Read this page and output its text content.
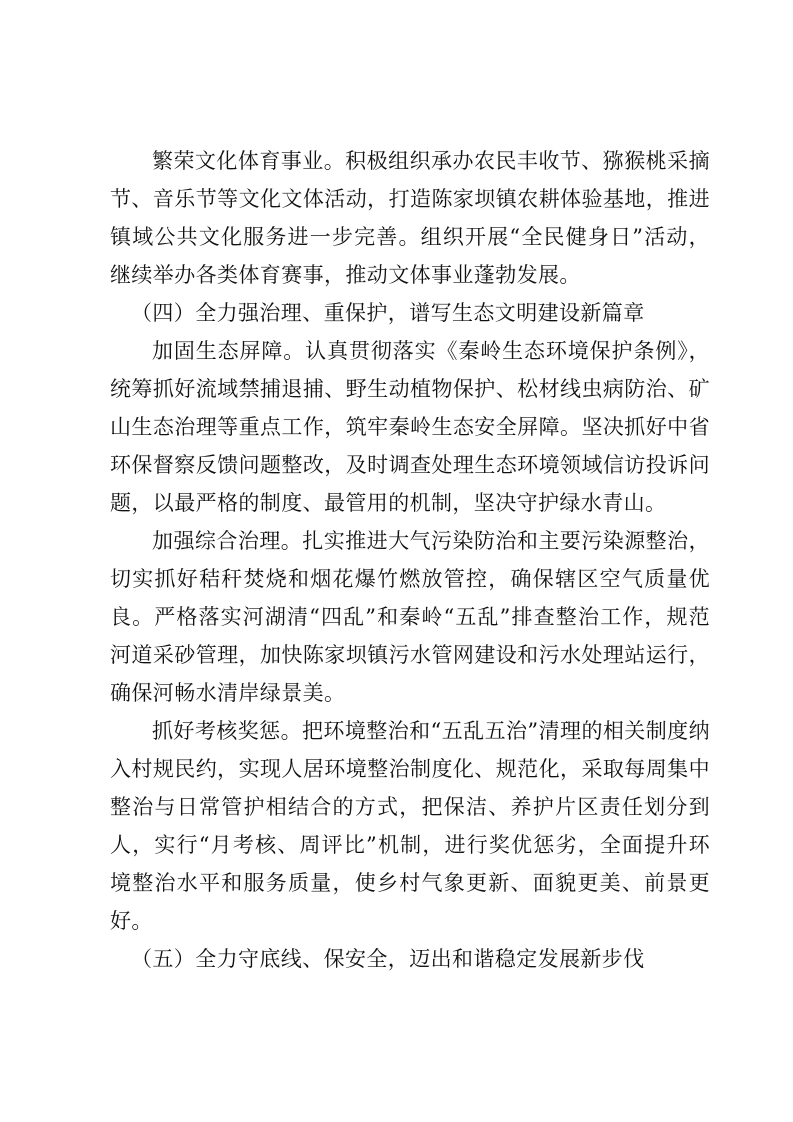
繁荣文化体育事业。积极组织承办农民丰收节、猕猴桃采摘节、音乐节等文化文体活动，打造陈家坝镇农耕体验基地，推进镇域公共文化服务进一步完善。组织开展“全民健身日”活动，继续举办各类体育赛事，推动文体事业蓬勃发展。

（四）全力强治理、重保护，谱写生态文明建设新篇章

加固生态屏障。认真贯彻落实《秦岭生态环境保护条例》，统筹抓好流域禁捕退捕、野生动植物保护、松材线虫病防治、矿山生态治理等重点工作，筑牢秦岭生态安全屏障。坚决抓好中省环保督察反馈问题整改，及时调查处理生态环境领域信访投诉问题，以最严格的制度、最管用的机制，坚决守护绿水青山。

加强综合治理。扎实推进大气污染防治和主要污染源整治，切实抓好秸秆焚烧和烟花爆竹燃放管控，确保辖区空气质量优良。严格落实河湖清“四乱”和秦岭“五乱”排查整治工作，规范河道采砂管理，加快陈家坝镇污水管网建设和污水处理站运行，确保河畅水清岸绿景美。

抓好考核奖惩。把环境整治和“五乱五治”清理的相关制度纳入村规民约，实现人居环境整治制度化、规范化，采取每周集中整治与日常管护相结合的方式，把保洁、养护片区责任划分到人，实行“月考核、周评比”机制，进行奖优惩劣，全面提升环境整治水平和服务质量，使乡村气象更新、面貌更美、前景更好。

（五）全力守底线、保安全，迈出和谐稳定发展新步伐
